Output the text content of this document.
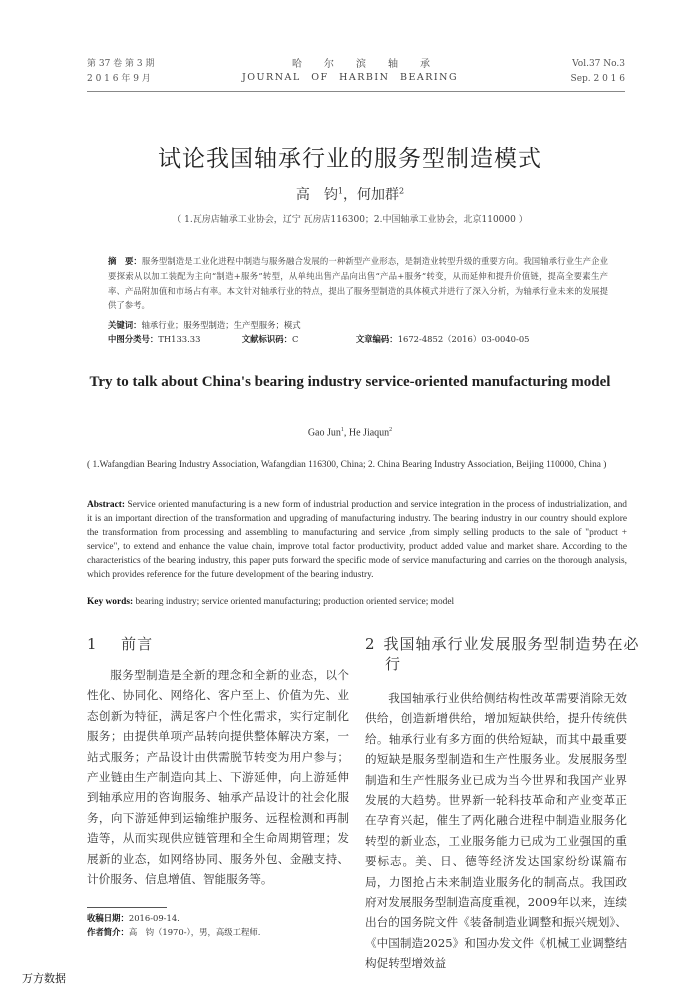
第 37 卷 第 3 期
2 0 1 6 年 9 月
哈尔滨轴承
JOURNAL OF HARBIN BEARING
Vol.37 No.3
Sep. 2 0 1 6
试论我国轴承行业的服务型制造模式
高　钧$^1$，何加群$^2$
（ 1.瓦房店轴承工业协会，辽宁 瓦房店116300；2.中国轴承工业协会，北京110000 ）
摘　要：服务型制造是工业化进程中制造与服务融合发展的一种新型产业形态，是制造业转型升级的重要方向。我国轴承行业生产企业要探索从以加工装配为主向“制造+服务”转型，从单纯出售产品向出售“产品+服务”转变，从而延伸和提升价值链，提高全要素生产率、产品附加值和市场占有率。本文针对轴承行业的特点，提出了服务型制造的具体模式并进行了深入分析，为轴承行业未来的发展提供了参考。
关键词：轴承行业；服务型制造；生产型服务；模式
中图分类号：TH133.33	文献标识码：C	文章编码：1672-4852（2016）03-0040-05
Try to talk about China's bearing industry service-oriented manufacturing model
Gao Jun$^1$, He Jiaqun$^2$
( 1.Wafangdian Bearing Industry Association, Wafangdian 116300, China; 2. China Bearing Industry Association, Beijing 110000, China )
Abstract: Service oriented manufacturing is a new form of industrial production and service integration in the process of industrialization, and it is an important direction of the transformation and upgrading of manufacturing industry. The bearing industry in our country should explore the transformation from processing and assembling to manufacturing and service ,from simply selling products to the sale of "product + service", to extend and enhance the value chain, improve total factor productivity, product added value and market share. According to the characteristics of the bearing industry, this paper puts forward the specific mode of service manufacturing and carries on the thorough analysis, which provides reference for the future development of the bearing industry.
Key words: bearing industry; service oriented manufacturing; production oriented service; model
1 前言
服务型制造是全新的理念和全新的业态，以个性化、协同化、网络化、客户至上、价值为先、业态创新为特征，满足客户个性化需求，实行定制化服务；由提供单项产品转向提供整体解决方案，一站式服务；产品设计由供需脱节转变为用户参与；产业链由生产制造向其上、下游延伸，向上游延伸到轴承应用的咨询服务、轴承产品设计的社会化服务，向下游延伸到运输维护服务、远程检测和再制造等，从而实现供应链管理和全生命周期管理；发展新的业态，如网络协同、服务外包、金融支持、计价服务、信息增值、智能服务等。
2 我国轴承行业发展服务型制造势在必行
我国轴承行业供给侧结构性改革需要消除无效供给，创造新增供给，增加短缺供给，提升传统供给。轴承行业有多方面的供给短缺，而其中最重要的短缺是服务型制造和生产性服务业。发展服务型制造和生产性服务业已成为当今世界和我国产业界发展的大趋势。世界新一轮科技革命和产业变革正在孕育兴起，催生了两化融合进程中制造业服务化转型的新业态，工业服务能力已成为工业强国的重要标志。美、日、德等经济发达国家纷纷谋篇布局，力图抢占未来制造业服务化的制高点。我国政府对发展服务型制造高度重视，2009年以来，连续出台的国务院文件《装备制造业调整和振兴规划》、《中国制造2025》和国办发文件《机械工业调整结构促转型增效益
收稿日期：2016-09-14.
作者简介：高　钧（1970-），男，高级工程师.
万方数据
